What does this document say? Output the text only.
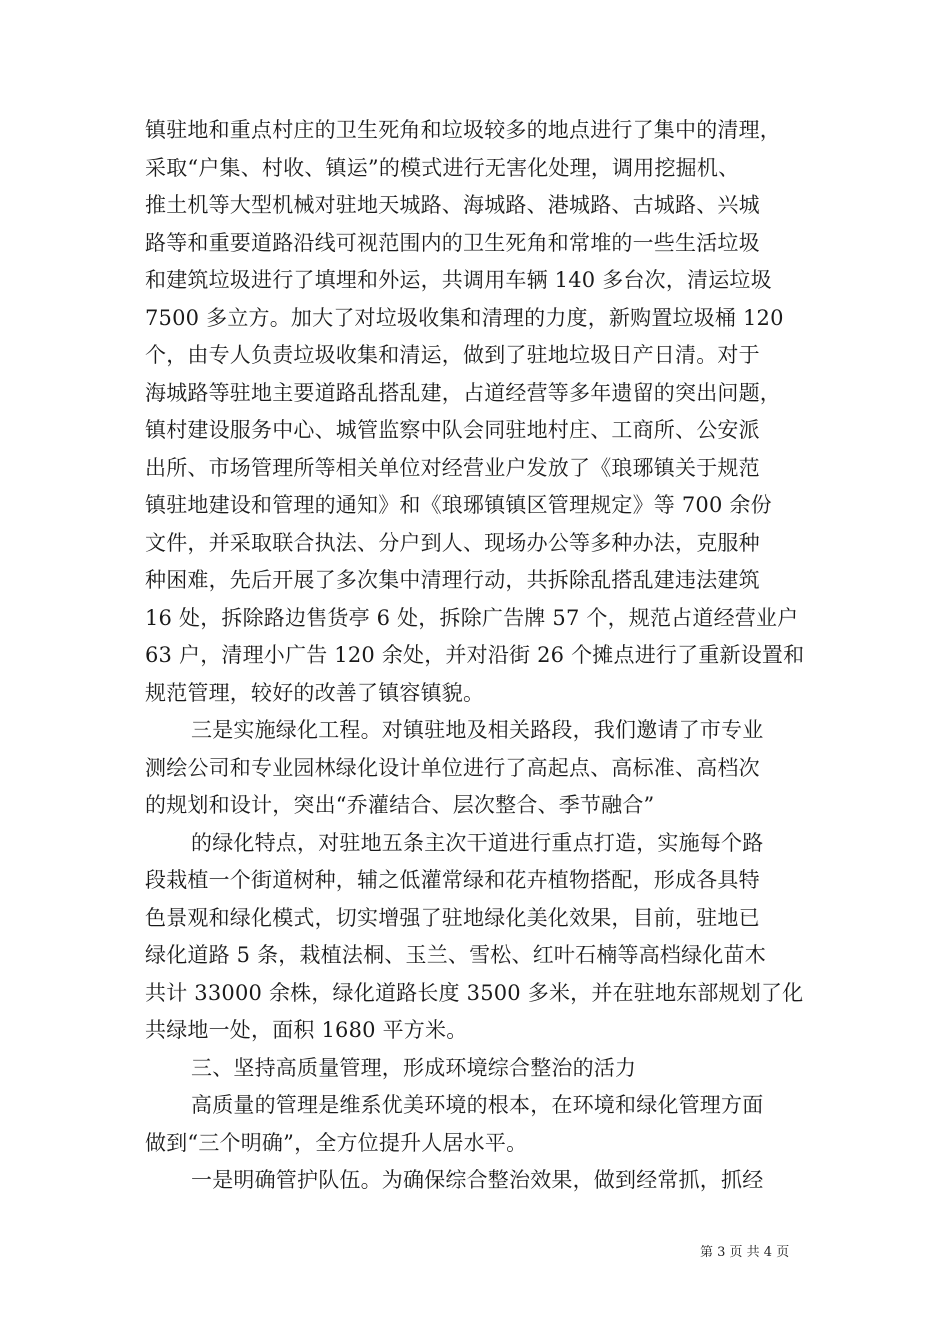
镇驻地和重点村庄的卫生死角和垃圾较多的地点进行了集中的清理，
采取“户集、村收、镇运”的模式进行无害化处理，调用挖掘机、
推土机等大型机械对驻地天城路、海城路、港城路、古城路、兴城
路等和重要道路沿线可视范围内的卫生死角和常堆的一些生活垃圾
和建筑垃圾进行了填埋和外运，共调用车辆 140 多台次，清运垃圾
7500 多立方。加大了对垃圾收集和清理的力度，新购置垃圾桶 120
个，由专人负责垃圾收集和清运，做到了驻地垃圾日产日清。对于
海城路等驻地主要道路乱搭乱建，占道经营等多年遗留的突出问题，
镇村建设服务中心、城管监察中队会同驻地村庄、工商所、公安派
出所、市场管理所等相关单位对经营业户发放了《琅琊镇关于规范
镇驻地建设和管理的通知》和《琅琊镇镇区管理规定》等 700 余份
文件，并采取联合执法、分户到人、现场办公等多种办法，克服种
种困难，先后开展了多次集中清理行动，共拆除乱搭乱建违法建筑
16 处，拆除路边售货亭 6 处，拆除广告牌 57 个，规范占道经营业户
63 户，清理小广告 120 余处，并对沿街 26 个摊点进行了重新设置和
规范管理，较好的改善了镇容镇貌。
三是实施绿化工程。对镇驻地及相关路段，我们邀请了市专业
测绘公司和专业园林绿化设计单位进行了高起点、高标准、高档次
的规划和设计，突出“乔灌结合、层次整合、季节融合”
的绿化特点，对驻地五条主次干道进行重点打造，实施每个路
段栽植一个街道树种，辅之低灌常绿和花卉植物搭配，形成各具特
色景观和绿化模式，切实增强了驻地绿化美化效果，目前，驻地已
绿化道路 5 条，栽植法桐、玉兰、雪松、红叶石楠等高档绿化苗木
共计 33000 余株，绿化道路长度 3500 多米，并在驻地东部规划了化
共绿地一处，面积 1680 平方米。
三、坚持高质量管理，形成环境综合整治的活力
高质量的管理是维系优美环境的根本，在环境和绿化管理方面
做到“三个明确”，全方位提升人居水平。
一是明确管护队伍。为确保综合整治效果，做到经常抓，抓经
第 3 页 共 4 页
